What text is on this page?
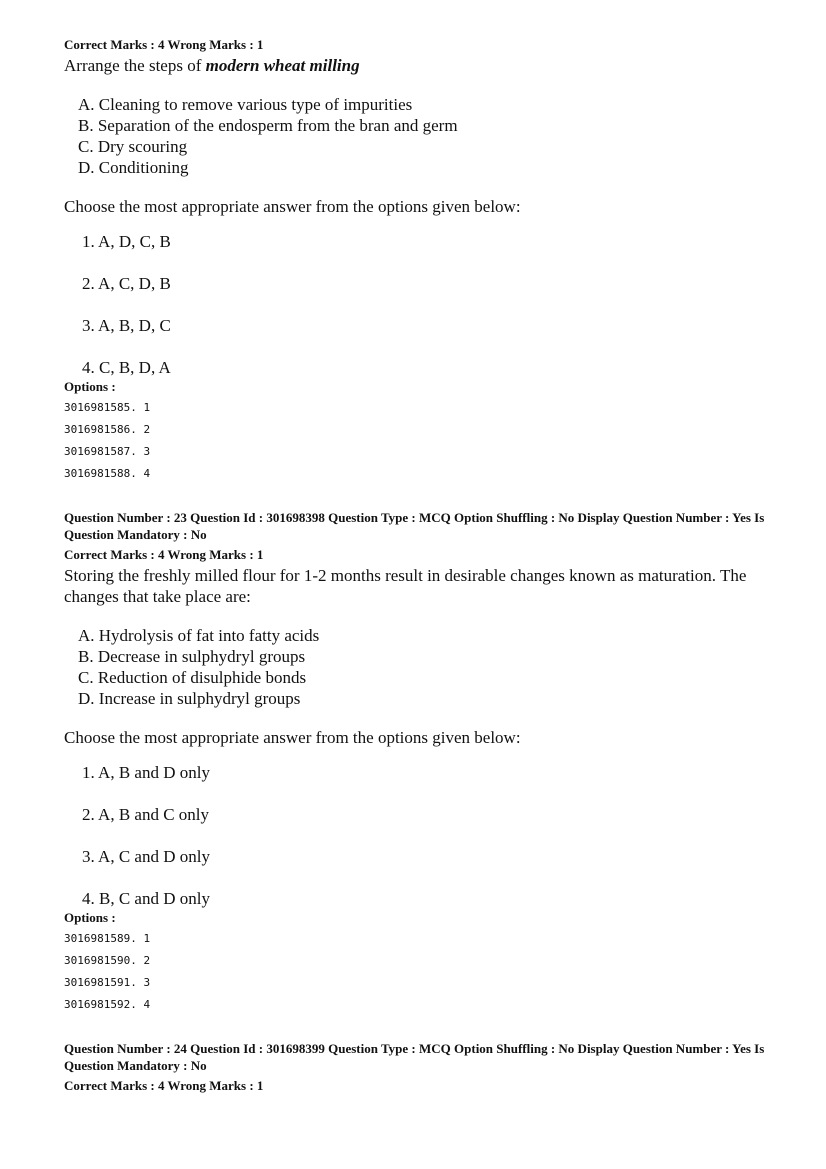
Correct Marks : 4 Wrong Marks : 1

Arrange the steps of modern wheat milling

A. Cleaning to remove various type of impurities
B. Separation of the endosperm from the bran and germ
C. Dry scouring
D. Conditioning

Choose the most appropriate answer from the options given below:

1. A, D, C, B
2. A, C, D, B
3. A, B, D, C
4. C, B, D, A

Options :

3016981585. 1
3016981586. 2
3016981587. 3
3016981588. 4

Question Number : 23 Question Id : 301698398 Question Type : MCQ Option Shuffling : No Display Question Number : Yes Is Question Mandatory : No

Correct Marks : 4 Wrong Marks : 1

Storing the freshly milled flour for 1-2 months result in desirable changes known as maturation. The changes that take place are:

A. Hydrolysis of fat into fatty acids
B. Decrease in sulphydryl groups
C. Reduction of disulphide bonds
D. Increase in sulphydryl groups

Choose the most appropriate answer from the options given below:

1. A, B and D only
2. A, B and C only
3. A, C and D only
4. B, C and D only

Options :

3016981589. 1
3016981590. 2
3016981591. 3
3016981592. 4

Question Number : 24 Question Id : 301698399 Question Type : MCQ Option Shuffling : No Display Question Number : Yes Is Question Mandatory : No

Correct Marks : 4 Wrong Marks : 1
